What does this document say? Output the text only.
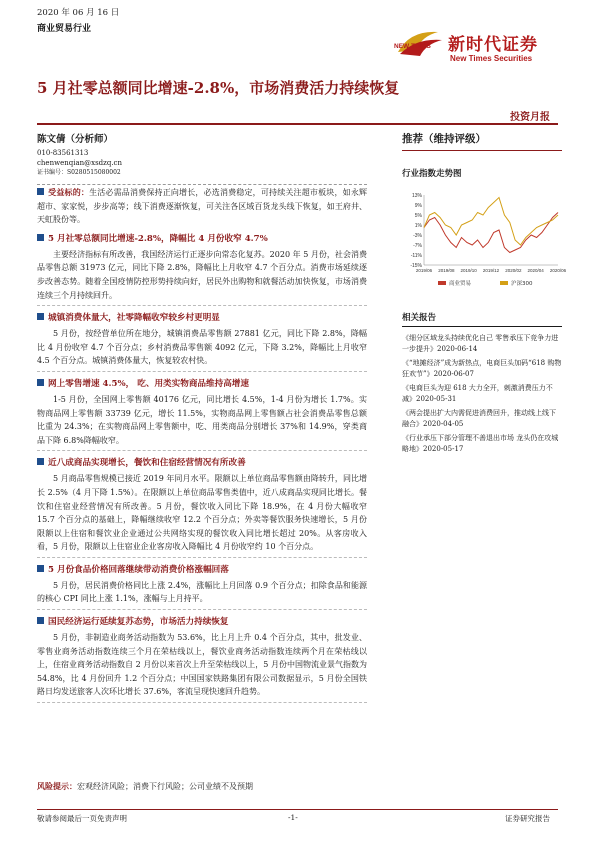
2020 年 06 月 16 日
商业贸易行业
NEW TIMES 新时代证券
New Times Securities
5 月社零总额同比增速-2.8%，市场消费活力持续恢复
投资月报
陈文倩（分析师）
010-83561313
chenwenqian@xsdzq.cn
证书编号：S0280515080002

受益标的：生活必需品消费保持正向增长，必选消费稳定，可持续关注超市板块，如永辉超市、家家悦，步步高等；线下消费逐渐恢复，可关注各区域百货龙头线下恢复，如王府井、天虹股份等。

5 月社零总额同比增速-2.8%，降幅比 4 月份收窄 4.7%

主要经济指标有所改善，我国经济运行正逐步向常态化复苏。2020 年 5 月份，社会消费品零售总额 31973 亿元，同比下降 2.8%，降幅比上月收窄 4.7 个百分点。消费市场延续逐步改善态势。随着全国疫情防控形势持续向好，居民外出购物和就餐活动加快恢复，市场消费连续三个月持续回升。

城镇消费体量大，社零降幅收窄较乡村更明显

5 月份，按经营单位所在地分，城镇消费品零售额 27881 亿元，同比下降 2.8%，降幅比 4 月份收窄 4.7 个百分点；乡村消费品零售额 4092 亿元，下降 3.2%，降幅比上月收窄 4.5 个百分点。城镇消费体量大，恢复较农村快。

网上零售增速 4.5%， 吃、用类实物商品维持高增速

1-5 月份，全国网上零售额 40176 亿元，同比增长 4.5%，1-4 月份为增长 1.7%。实物商品网上零售额 33739 亿元，增长 11.5%，实物商品网上零售额占社会消费品零售总额比重为 24.3%；在实物商品网上零售额中，吃、用类商品分别增长 37%和 14.9%，穿类商品下降 6.8%降幅收窄。

近八成商品实现增长，餐饮和住宿经营情况有所改善

5 月商品零售规模已接近 2019 年同月水平。限额以上单位商品零售额由降转升，同比增长 2.5%（4 月下降 1.5%）。在限额以上单位商品零售类值中，近八成商品实现同比增长。餐饮和住宿业经营情况有所改善。5 月份，餐饮收入同比下降 18.9%，在 4 月份大幅收窄 15.7 个百分点的基础上，降幅继续收窄 12.2 个百分点；外卖等餐饮服务快速增长，5 月份限额以上住宿和餐饮业企业通过公共网络实现的餐饮收入同比增长超过 20%。从客房收入看，5 月份，限额以上住宿业企业客房收入降幅比 4 月份收窄约 10 个百分点。

5 月份食品价格回落继续带动消费价格涨幅回落

5 月份，居民消费价格同比上涨 2.4%，涨幅比上月回落 0.9 个百分点；扣除食品和能源的核心 CPI 同比上涨 1.1%，涨幅与上月持平。

国民经济运行延续复苏态势，市场活力持续恢复

5 月份，非制造业商务活动指数为 53.6%，比上月上升 0.4 个百分点，其中，批发业、零售业商务活动指数连续三个月在荣枯线以上，餐饮业商务活动指数连续两个月在荣枯线以上，住宿业商务活动指数自 2 月份以来首次上升至荣枯线以上，5 月份中国物流业景气指数为 54.8%，比 4 月份回升 1.2 个百分点；中国国家铁路集团有限公司数据显示，5 月份全国铁路日均发送旅客人次环比增长 37.6%，客流呈现快速回升趋势。

风险提示：宏观经济风险；消费下行风险；公司业绩不及预期
推荐（维持评级）
行业指数走势图
13%
9%
5%
1%
-3%
-7%
-11%
-15%
2019/06 2019/08 2019/10 2019/12 2020/02 2020/04 2020/06
商业贸易	沪深300
相关报告
《细分区域龙头持续优化自己 零售承压下竞争力进一步提升》2020-06-14
《“地摊经济”成为新热点，电商巨头加码“618 购物狂欢节”》2020-06-07
《电商巨头为迎 618 大力全开，刺激消费压力不减》2020-05-31
《两会提出扩大内需促进消费回升，推动线上线下融合》2020-04-05
《行业承压下部分管理不善退出市场 龙头仍在攻城略地》2020-05-17
敬请参阅最后一页免责声明	-1-	证券研究报告
